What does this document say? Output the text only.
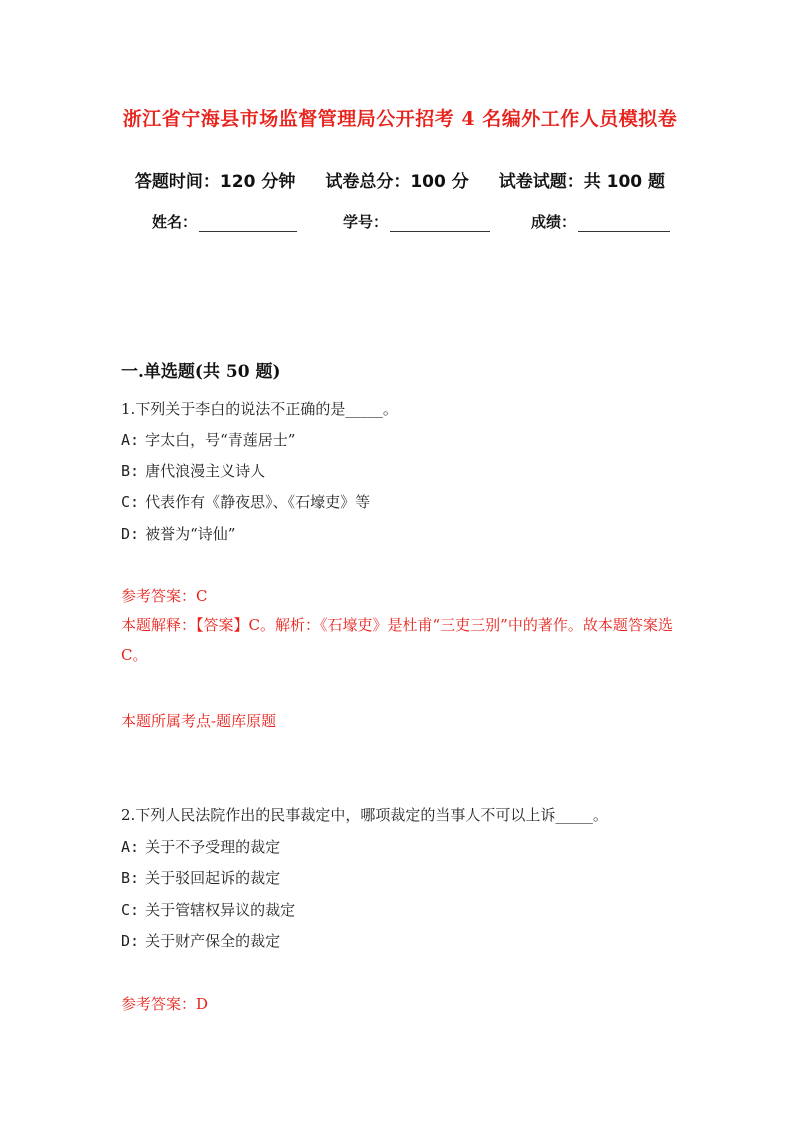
浙江省宁海县市场监督管理局公开招考 4 名编外工作人员模拟卷
答题时间：120 分钟 试卷总分：100 分 试卷试题：共 100 题
姓名：	学号：	成绩：
一.单选题(共 50 题)
1.下列关于李白的说法不正确的是_____。
A: 字太白，号“青莲居士”
B: 唐代浪漫主义诗人
C: 代表作有《静夜思》、《石壕吏》等
D: 被誉为“诗仙”
参考答案：C
本题解释：【答案】C。解析：《石壕吏》是杜甫“三吏三别”中的著作。故本题答案选 C。
本题所属考点-题库原题
2.下列人民法院作出的民事裁定中，哪项裁定的当事人不可以上诉_____。
A: 关于不予受理的裁定
B: 关于驳回起诉的裁定
C: 关于管辖权异议的裁定
D: 关于财产保全的裁定
参考答案：D
